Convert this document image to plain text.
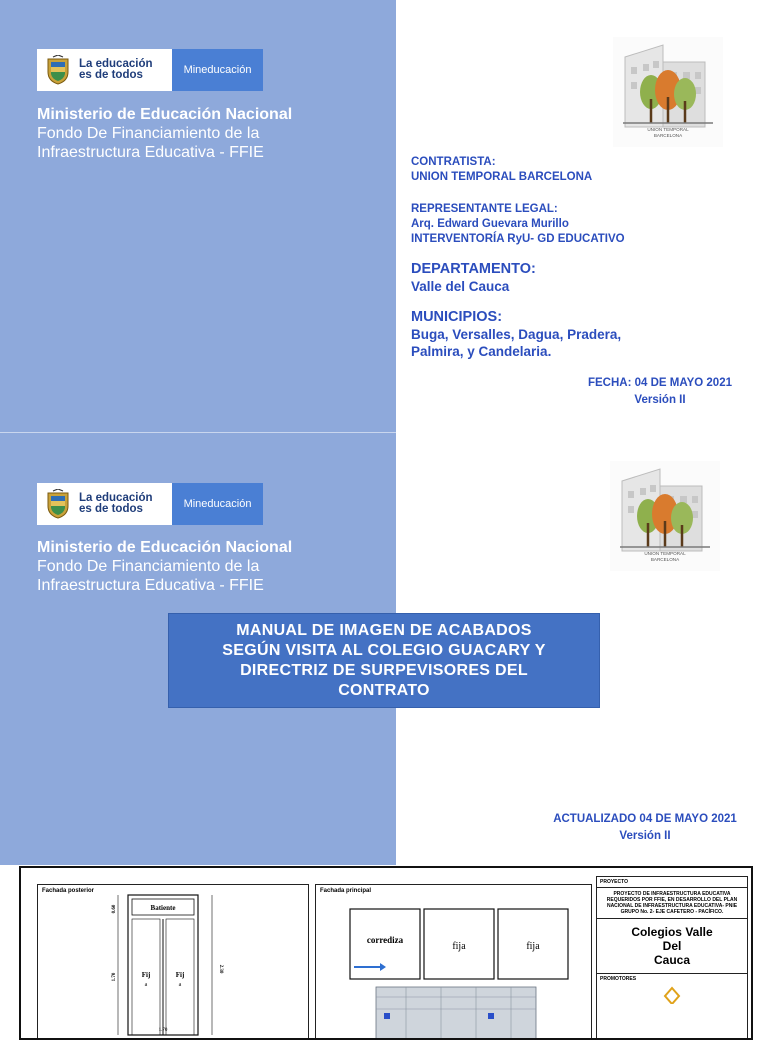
La educación
es de todos	Mineducación
Ministerio de Educación Nacional
Fondo De Financiamiento de la
Infraestructura Educativa - FFIE
UNION TEMPORAL
BARCELONA
CONTRATISTA:
UNION TEMPORAL BARCELONA
REPRESENTANTE LEGAL:
Arq. Edward Guevara Murillo
INTERVENTORÍA RyU- GD EDUCATIVO
DEPARTAMENTO:
Valle del Cauca
MUNICIPIOS:
Buga, Versalles, Dagua, Pradera,
Palmira, y Candelaria.
FECHA: 04 DE MAYO 2021
Versión II
La educación
es de todos	Mineducación
Ministerio de Educación Nacional
Fondo De Financiamiento de la
Infraestructura Educativa - FFIE
UNION TEMPORAL
BARCELONA
MANUAL DE IMAGEN DE ACABADOS
SEGÚN VISITA AL COLEGIO GUACARY Y
DIRECTRIZ DE SURPEVISORES DEL
CONTRATO
ACTUALIZADO 04 DE MAYO 2021
Versión II
Fachada posterior
Batiente
0.60
1.70
2.30
Fij
a
Fij
a
1.70
Fachada principal
corrediza
fija	fija
PROYECTO
PROYECTO DE INFRAESTRUCTURA EDUCATIVA REQUERIDOS POR FFIE, EN DESARROLLO DEL PLAN NACIONAL DE INFRAESTRUCTURA EDUCATIVA- PNIE GRUPO No. 2- EJE CAFETERO - PACÍFICO.
Colegios Valle
Del
Cauca
PROMOTORES
